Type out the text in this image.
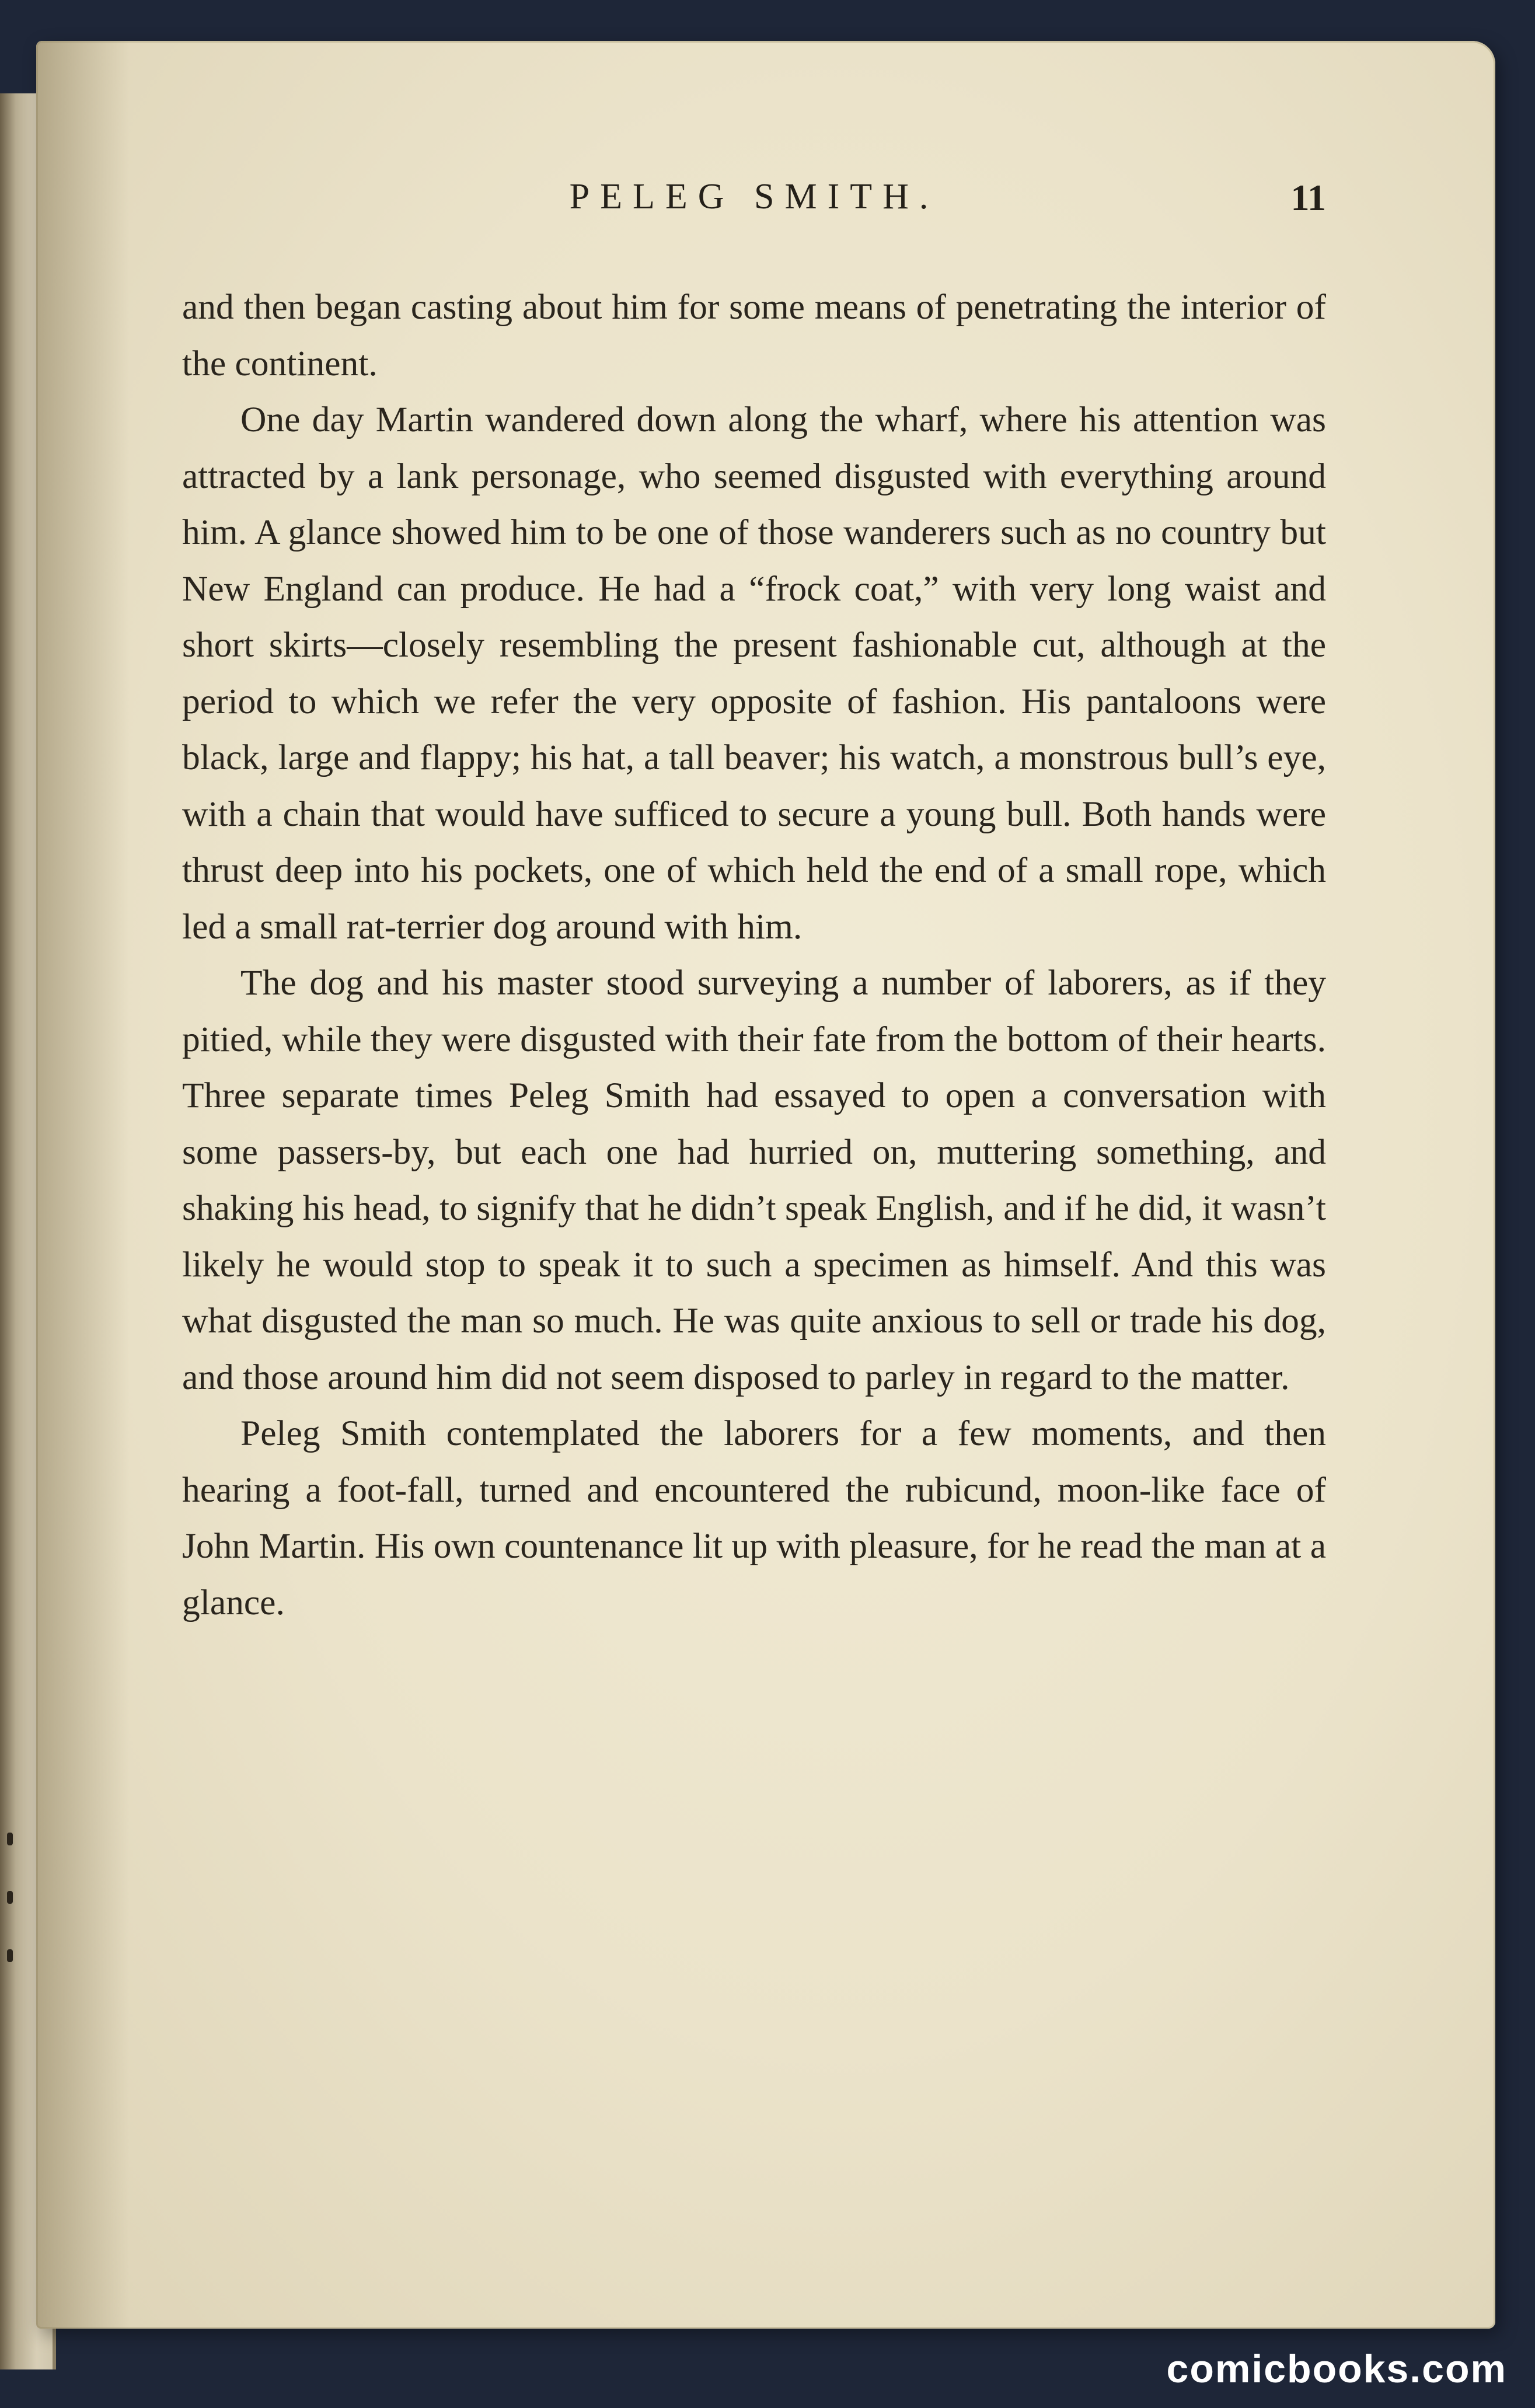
PELEG SMITH.	11

and then began casting about him for some means of penetrating the interior of the continent.

One day Martin wandered down along the wharf, where his attention was attracted by a lank personage, who seemed disgusted with everything around him. A glance showed him to be one of those wanderers such as no country but New England can produce. He had a “frock coat,” with very long waist and short skirts—closely resembling the present fashionable cut, although at the period to which we refer the very opposite of fashion. His pantaloons were black, large and flappy; his hat, a tall beaver; his watch, a monstrous bull’s eye, with a chain that would have sufficed to secure a young bull. Both hands were thrust deep into his pockets, one of which held the end of a small rope, which led a small rat-terrier dog around with him.

The dog and his master stood surveying a number of laborers, as if they pitied, while they were disgusted with their fate from the bottom of their hearts. Three separate times Peleg Smith had essayed to open a conversation with some passers-by, but each one had hurried on, muttering something, and shaking his head, to signify that he didn’t speak English, and if he did, it wasn’t likely he would stop to speak it to such a specimen as himself. And this was what disgusted the man so much. He was quite anxious to sell or trade his dog, and those around him did not seem disposed to parley in regard to the matter.

Peleg Smith contemplated the laborers for a few moments, and then hearing a foot-fall, turned and encountered the rubicund, moon-like face of John Martin. His own countenance lit up with pleasure, for he read the man at a glance.

comicbooks.com
